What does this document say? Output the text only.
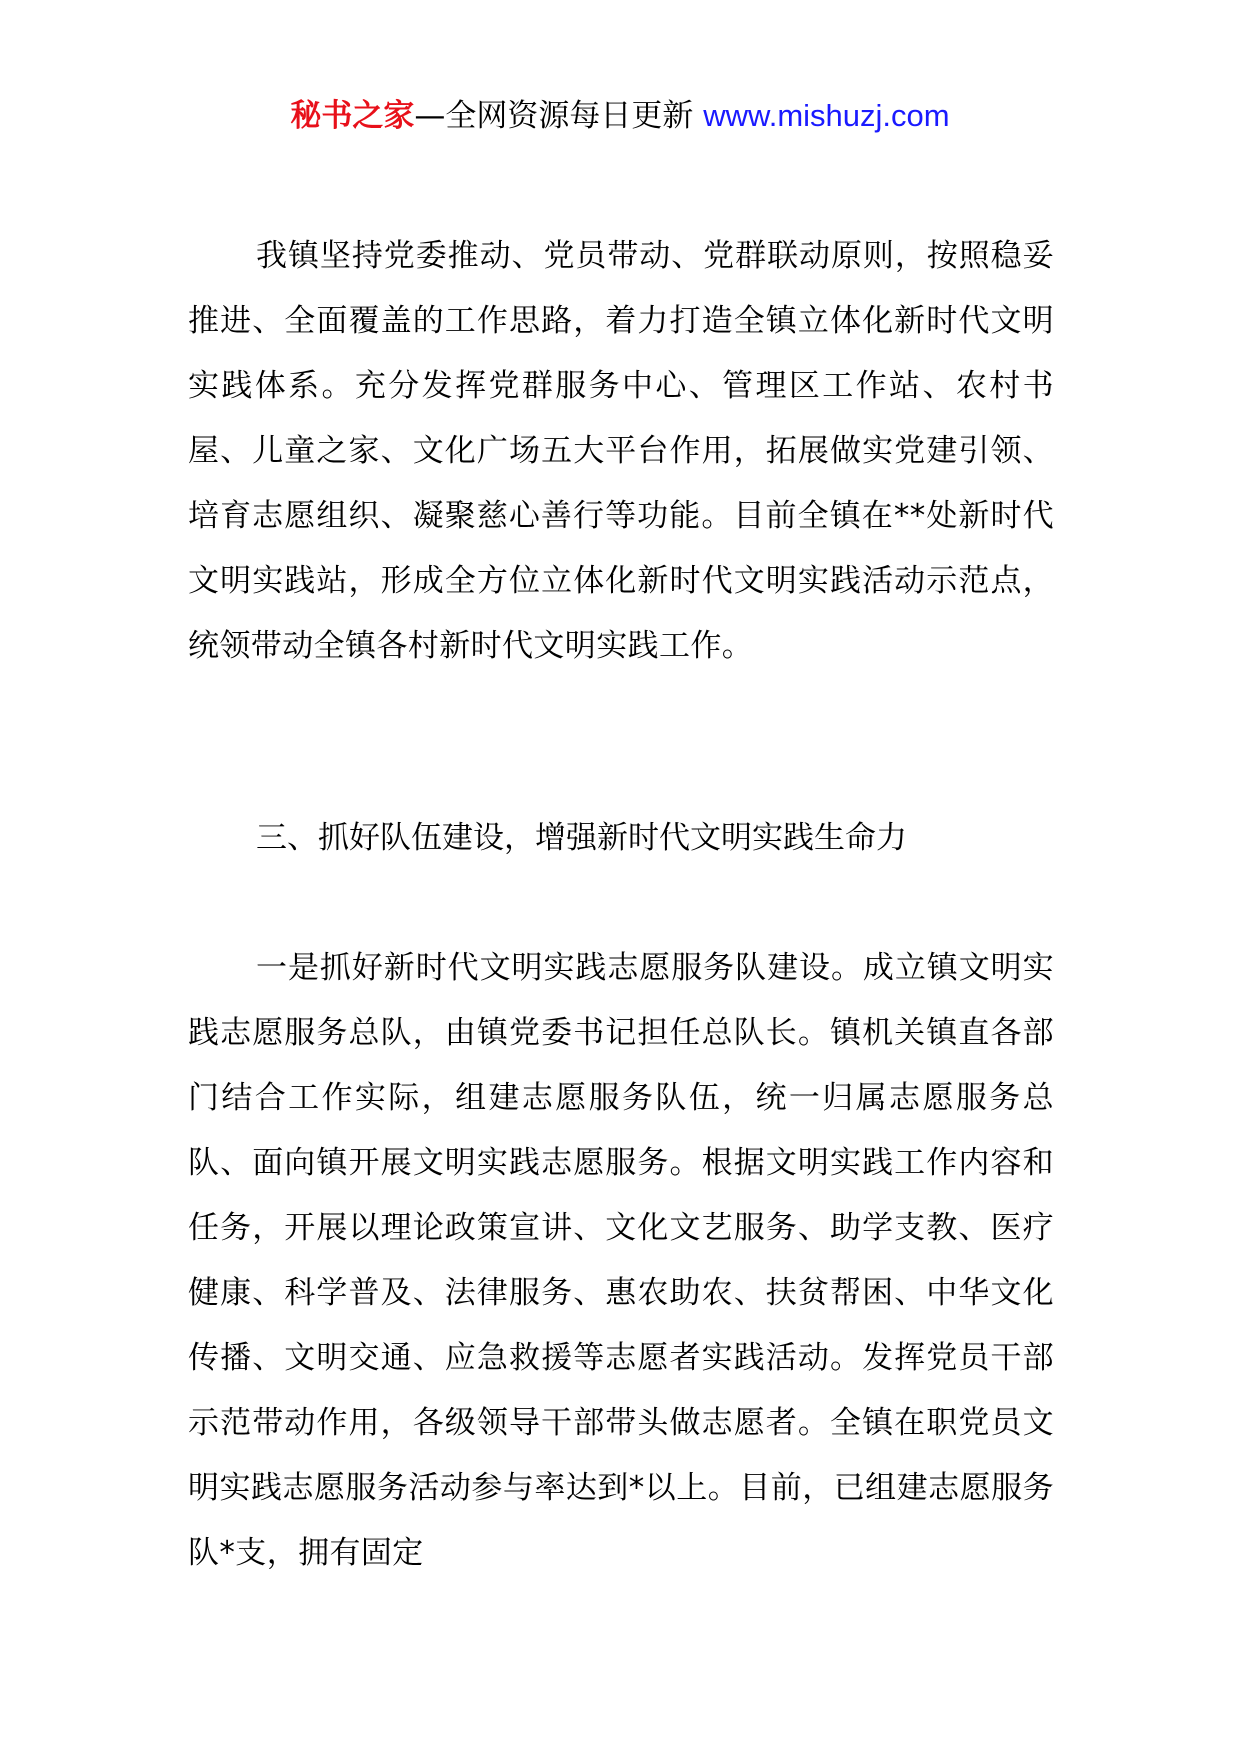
秘书之家—全网资源每日更新 www.mishuzj.com

我镇坚持党委推动、党员带动、党群联动原则，按照稳妥推进、全面覆盖的工作思路，着力打造全镇立体化新时代文明实践体系。充分发挥党群服务中心、管理区工作站、农村书屋、儿童之家、文化广场五大平台作用，拓展做实党建引领、培育志愿组织、凝聚慈心善行等功能。目前全镇在**处新时代文明实践站，形成全方位立体化新时代文明实践活动示范点，统领带动全镇各村新时代文明实践工作。

三、抓好队伍建设，增强新时代文明实践生命力

一是抓好新时代文明实践志愿服务队建设。成立镇文明实践志愿服务总队，由镇党委书记担任总队长。镇机关镇直各部门结合工作实际，组建志愿服务队伍，统一归属志愿服务总队、面向镇开展文明实践志愿服务。根据文明实践工作内容和任务，开展以理论政策宣讲、文化文艺服务、助学支教、医疗健康、科学普及、法律服务、惠农助农、扶贫帮困、中华文化传播、文明交通、应急救援等志愿者实践活动。发挥党员干部示范带动作用，各级领导干部带头做志愿者。全镇在职党员文明实践志愿服务活动参与率达到*以上。目前，已组建志愿服务队*支，拥有固定
